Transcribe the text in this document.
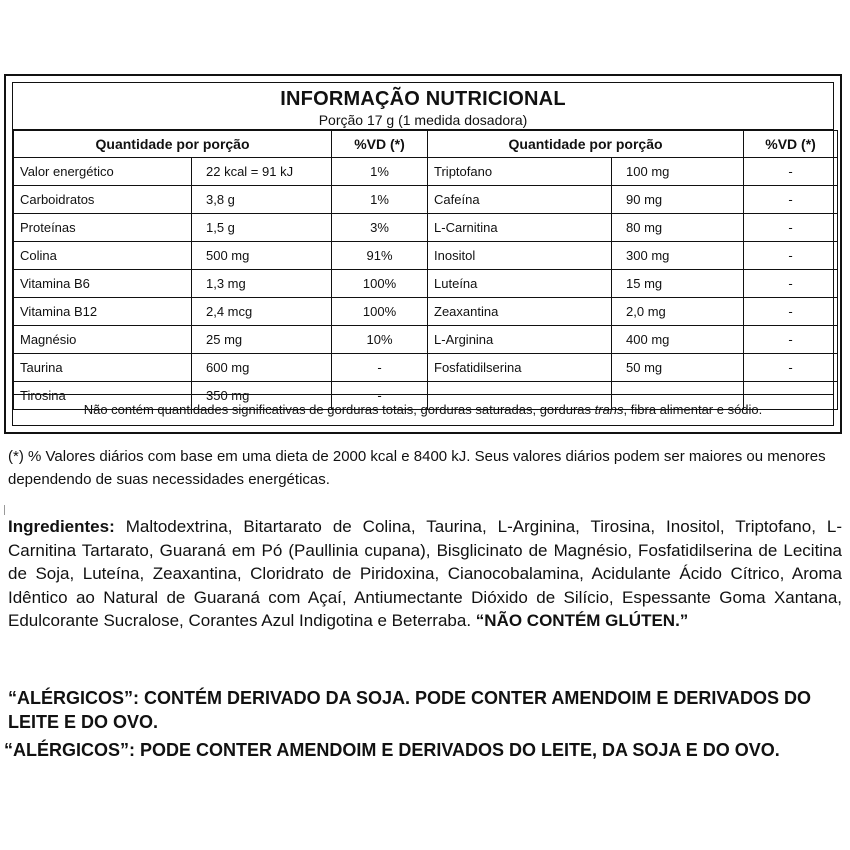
INFORMAÇÃO NUTRICIONAL
Porção 17 g (1 medida dosadora)
Quantidade por porção		%VD (*)	Quantidade por porção		%VD (*)
Valor energético	22 kcal = 91 kJ	1%	Triptofano	100 mg	-
Carboidratos	3,8 g	1%	Cafeína	90 mg	-
Proteínas	1,5 g	3%	L-Carnitina	80 mg	-
Colina	500 mg	91%	Inositol	300 mg	-
Vitamina B6	1,3 mg	100%	Luteína	15 mg	-
Vitamina B12	2,4 mcg	100%	Zeaxantina	2,0 mg	-
Magnésio	25 mg	10%	L-Arginina	400 mg	-
Taurina	600 mg	-	Fosfatidilserina	50 mg	-
Tirosina	350 mg	-			
Não contém quantidades significativas de gorduras totais, gorduras saturadas, gorduras trans, fibra alimentar e sódio.
(*) % Valores diários com base em uma dieta de 2000 kcal e 8400 kJ. Seus valores diários podem ser maiores ou menores dependendo de suas necessidades energéticas.
Ingredientes: Maltodextrina, Bitartarato de Colina, Taurina, L-Arginina, Tirosina, Inositol, Triptofano, L-Carnitina Tartarato, Guaraná em Pó (Paullinia cupana), Bisglicinato de Magnésio, Fosfatidilserina de Lecitina de Soja, Luteína, Zeaxantina, Cloridrato de Piridoxina, Cianocobalamina, Acidulante Ácido Cítrico, Aroma Idêntico ao Natural de Guaraná com Açaí, Antiumectante Dióxido de Silício, Espessante Goma Xantana, Edulcorante Sucralose, Corantes Azul Indigotina e Beterraba. “NÃO CONTÉM GLÚTEN.”
“ALÉRGICOS”: CONTÉM DERIVADO DA SOJA. PODE CONTER AMENDOIM E DERIVADOS DO LEITE E DO OVO.
“ALÉRGICOS”: PODE CONTER AMENDOIM E DERIVADOS DO LEITE, DA SOJA E DO OVO.
